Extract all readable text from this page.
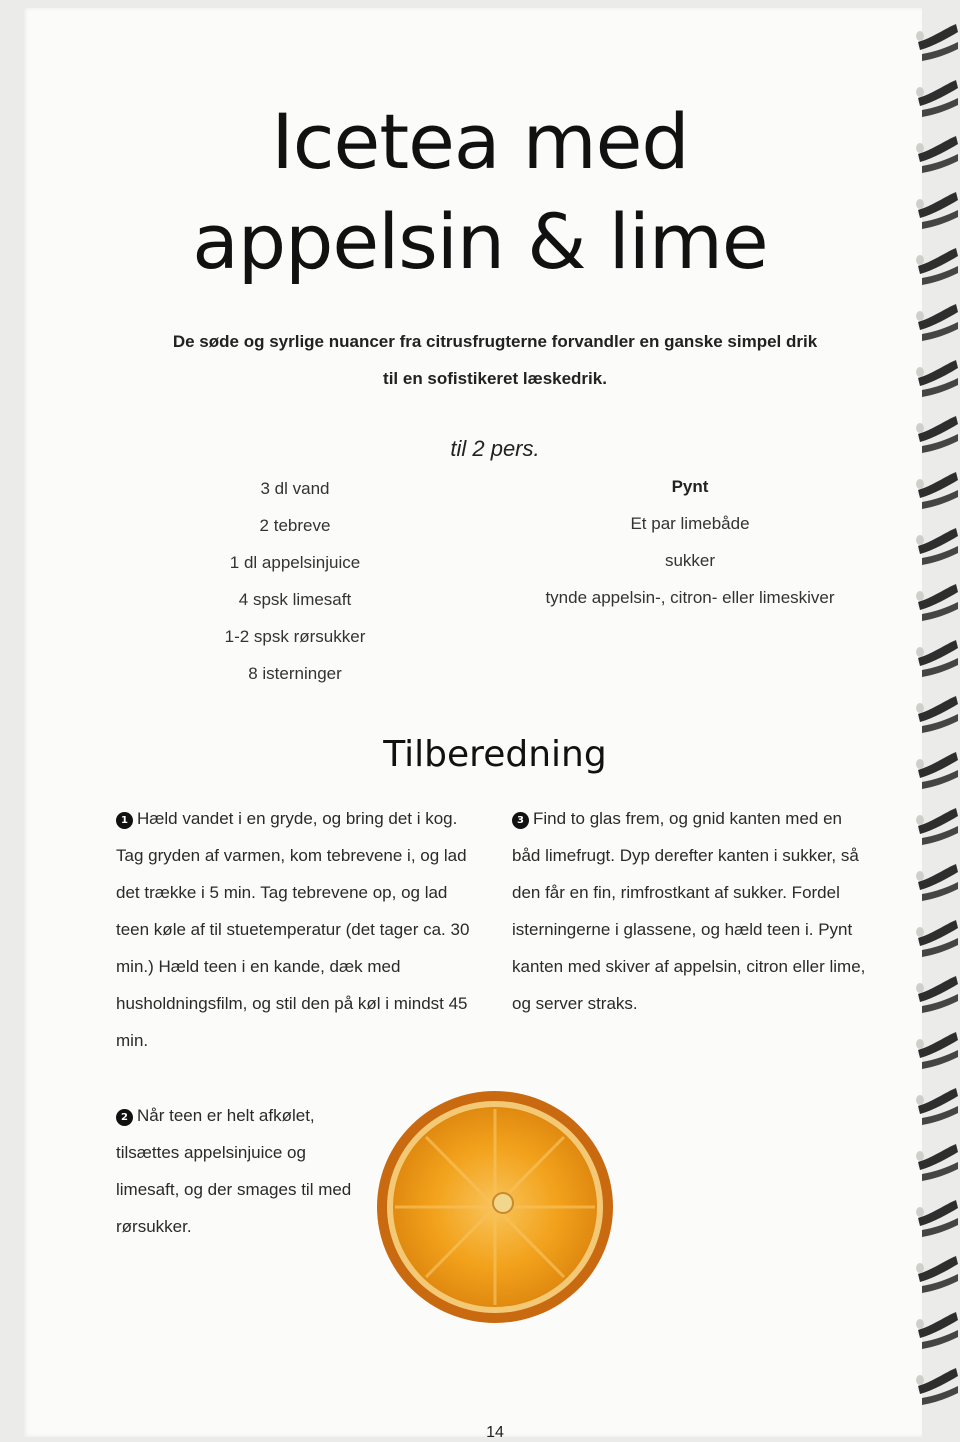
Icetea med
appelsin & lime

De søde og syrlige nuancer fra citrusfrugterne forvandler en ganske simpel drik
til en sofistikeret læskedrik.

til 2 pers.
3 dl vand
2 tebreve
1 dl appelsinjuice
4 spsk limesaft
1-2 spsk rørsukker
8 isterninger
Pynt
Et par limebåde
sukker
tynde appelsin-, citron- eller limeskiver
Tilberedning

1 Hæld vandet i en gryde, og bring det i kog. Tag gryden af varmen, kom tebrevene i, og lad det trække i 5 min. Tag tebrevene op, og lad teen køle af til stuetemperatur (det tager ca. 30 min.) Hæld teen i en kande, dæk med husholdningsfilm, og stil den på køl i mindst 45 min.

3 Find to glas frem, og gnid kanten med en båd limefrugt. Dyp derefter kanten i sukker, så den får en fin, rimfrostkant af sukker. Fordel isterningerne i glassene, og hæld teen i. Pynt kanten med skiver af appelsin, citron eller lime, og server straks.

2 Når teen er helt afkølet, tilsættes appelsinjuice og limesaft, og der smages til med rørsukker.

14
